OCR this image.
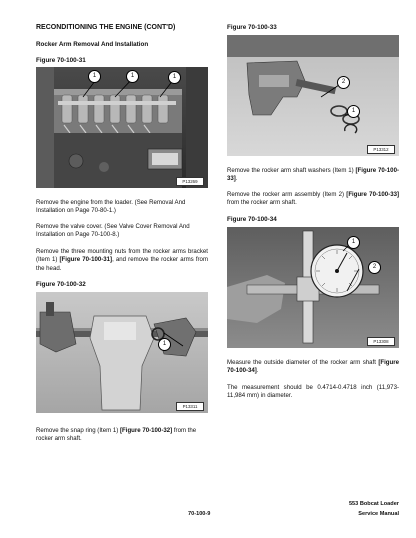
RECONDITIONING THE ENGINE (CONT'D)
Rocker Arm Removal And Installation
Figure 70-100-31
1	1	1
P13269
Remove the engine from the loader. (See Removal And Installation on Page 70-80-1.)
Remove the valve cover. (See Valve Cover Removal And Installation on Page 70-100-8.)
Remove the three mounting nuts from the rocker arms bracket (Item 1) [Figure 70-100-31], and remove the rocker arms from the head.
Figure 70-100-32
1
P13311
Remove the snap ring (Item 1) [Figure 70-100-32] from the rocker arm shaft.
Figure 70-100-33
2
1
P13312
Remove the rocker arm shaft washers (Item 1) [Figure 70-100-33].
Remove the rocker arm assembly (Item 2) [Figure 70-100-33] from the rocker arm shaft.
Figure 70-100-34
1
2
P13308
Measure the outside diameter of the rocker arm shaft [Figure 70-100-34].
The measurement should be 0.4714-0.4718 inch (11,973-11,984 mm) in diameter.
70-100-9
553 Bobcat Loader
Service Manual
